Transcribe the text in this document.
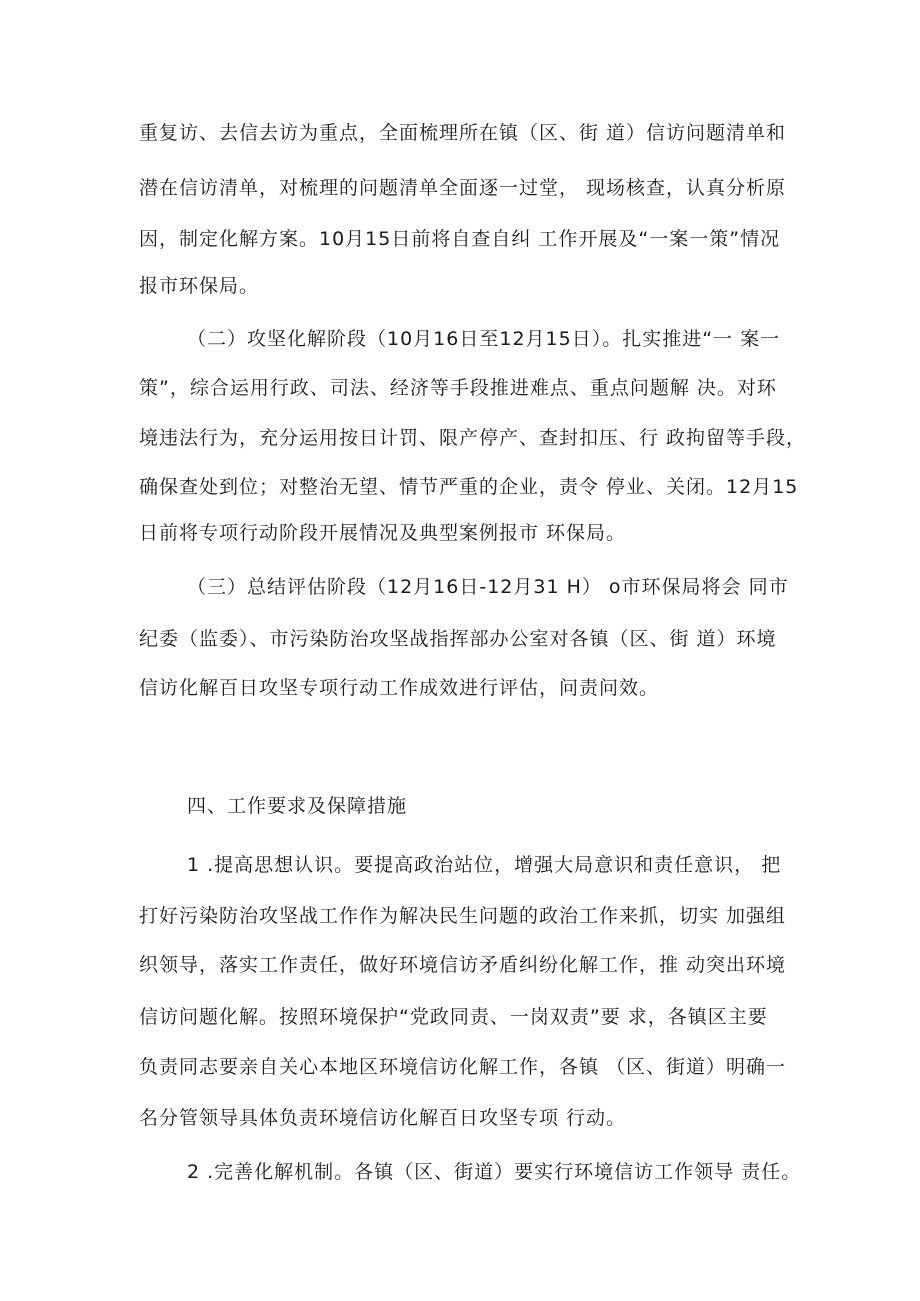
重复访、去信去访为重点，全面梳理所在镇（区、街 道）信访问题清单和
潜在信访清单，对梳理的问题清单全面逐一过堂， 现场核查，认真分析原
因，制定化解方案。10月15日前将自查自纠 工作开展及“一案一策”情况
报市环保局。
（二）攻坚化解阶段（10月16日至12月15日）。扎实推进“一 案一
策”，综合运用行政、司法、经济等手段推进难点、重点问题解 决。对环
境违法行为，充分运用按日计罚、限产停产、查封扣压、行 政拘留等手段，
确保查处到位；对整治无望、情节严重的企业，责令 停业、关闭。12月15
日前将专项行动阶段开展情况及典型案例报市 环保局。
（三）总结评估阶段（12月16日-12月31 H） o市环保局将会 同市
纪委（监委）、市污染防治攻坚战指挥部办公室对各镇（区、街 道）环境
信访化解百日攻坚专项行动工作成效进行评估，问责问效。
四、工作要求及保障措施
1 .提高思想认识。要提高政治站位，增强大局意识和责任意识， 把
打好污染防治攻坚战工作作为解决民生问题的政治工作来抓，切实 加强组
织领导，落实工作责任，做好环境信访矛盾纠纷化解工作，推 动突出环境
信访问题化解。按照环境保护“党政同责、一岗双责”要 求，各镇区主要
负责同志要亲自关心本地区环境信访化解工作，各镇 （区、街道）明确一
名分管领导具体负责环境信访化解百日攻坚专项 行动。
2 .完善化解机制。各镇（区、街道）要实行环境信访工作领导 责任。
